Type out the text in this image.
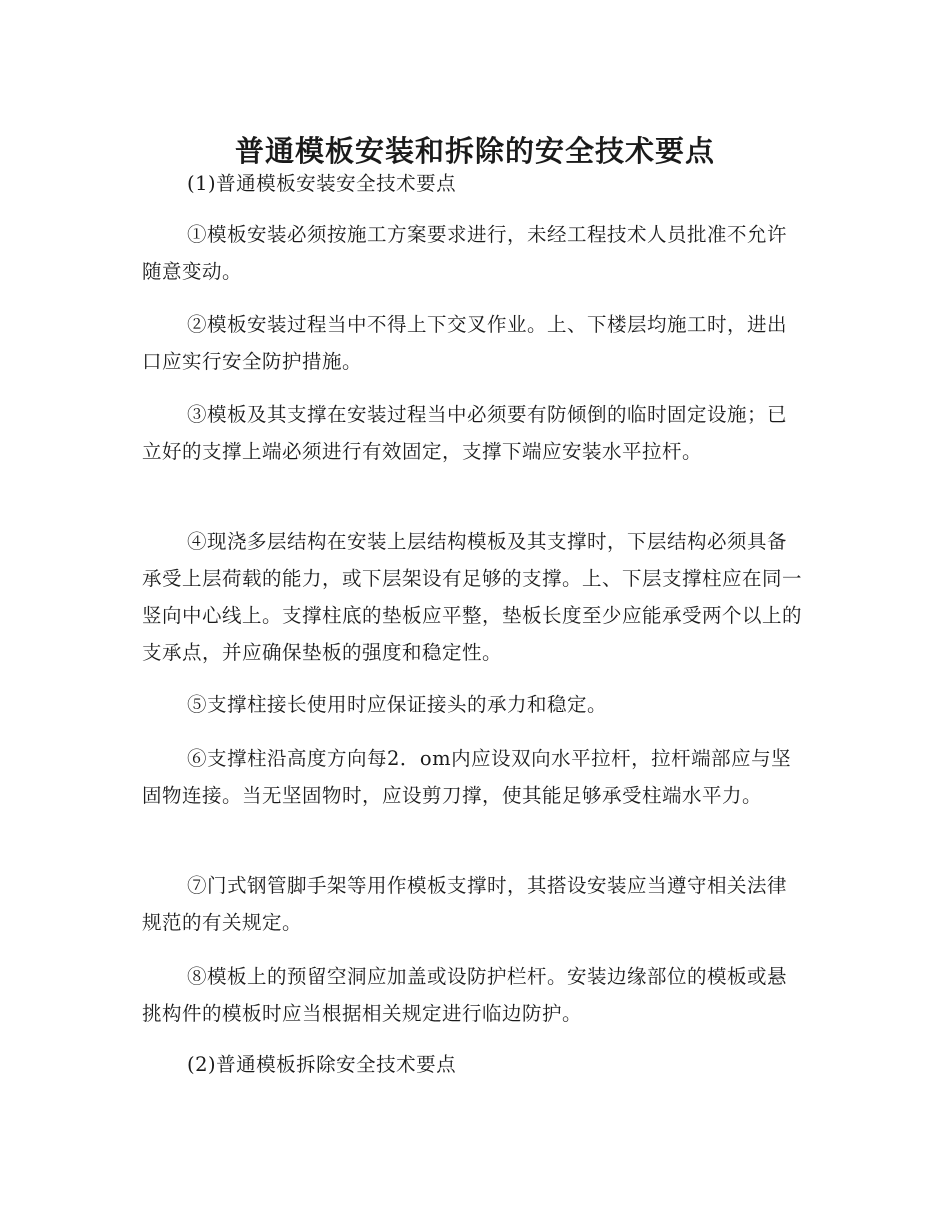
普通模板安装和拆除的安全技术要点

(1)普通模板安装安全技术要点

①模板安装必须按施工方案要求进行，未经工程技术人员批准不允许随意变动。

②模板安装过程当中不得上下交叉作业。上、下楼层均施工时，进出口应实行安全防护措施。

③模板及其支撑在安装过程当中必须要有防倾倒的临时固定设施；已立好的支撑上端必须进行有效固定，支撑下端应安装水平拉杆。

④现浇多层结构在安装上层结构模板及其支撑时，下层结构必须具备承受上层荷载的能力，或下层架设有足够的支撑。上、下层支撑柱应在同一竖向中心线上。支撑柱底的垫板应平整，垫板长度至少应能承受两个以上的支承点，并应确保垫板的强度和稳定性。

⑤支撑柱接长使用时应保证接头的承力和稳定。

⑥支撑柱沿高度方向每2．om内应设双向水平拉杆，拉杆端部应与坚固物连接。当无坚固物时，应设剪刀撑，使其能足够承受柱端水平力。

⑦门式钢管脚手架等用作模板支撑时，其搭设安装应当遵守相关法律规范的有关规定。

⑧模板上的预留空洞应加盖或设防护栏杆。安装边缘部位的模板或悬挑构件的模板时应当根据相关规定进行临边防护。

(2)普通模板拆除安全技术要点
